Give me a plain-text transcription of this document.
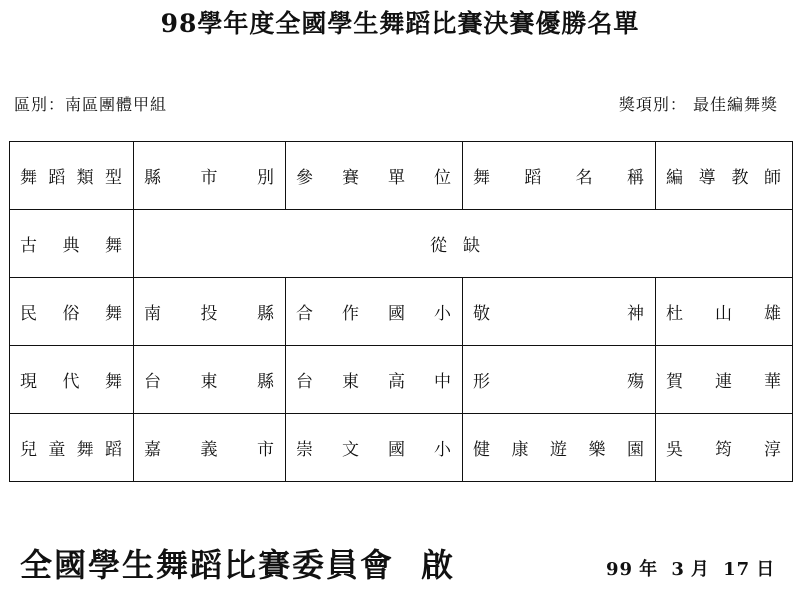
98學年度全國學生舞蹈比賽決賽優勝名單
區別：南區團體甲組	獎項別： 最佳編舞獎
舞蹈類型	縣市別	參賽單位	舞蹈名稱	編導教師
古典舞	從缺			
民俗舞	南投縣	合作國小	敬 神	杜山雄
現代舞	台東縣	台東高中	形 殤	賀連華
兒童舞蹈	嘉義市	崇文國小	健康遊樂園	吳筠淳
全國學生舞蹈比賽委員會 啟	99 年 3 月 17 日
